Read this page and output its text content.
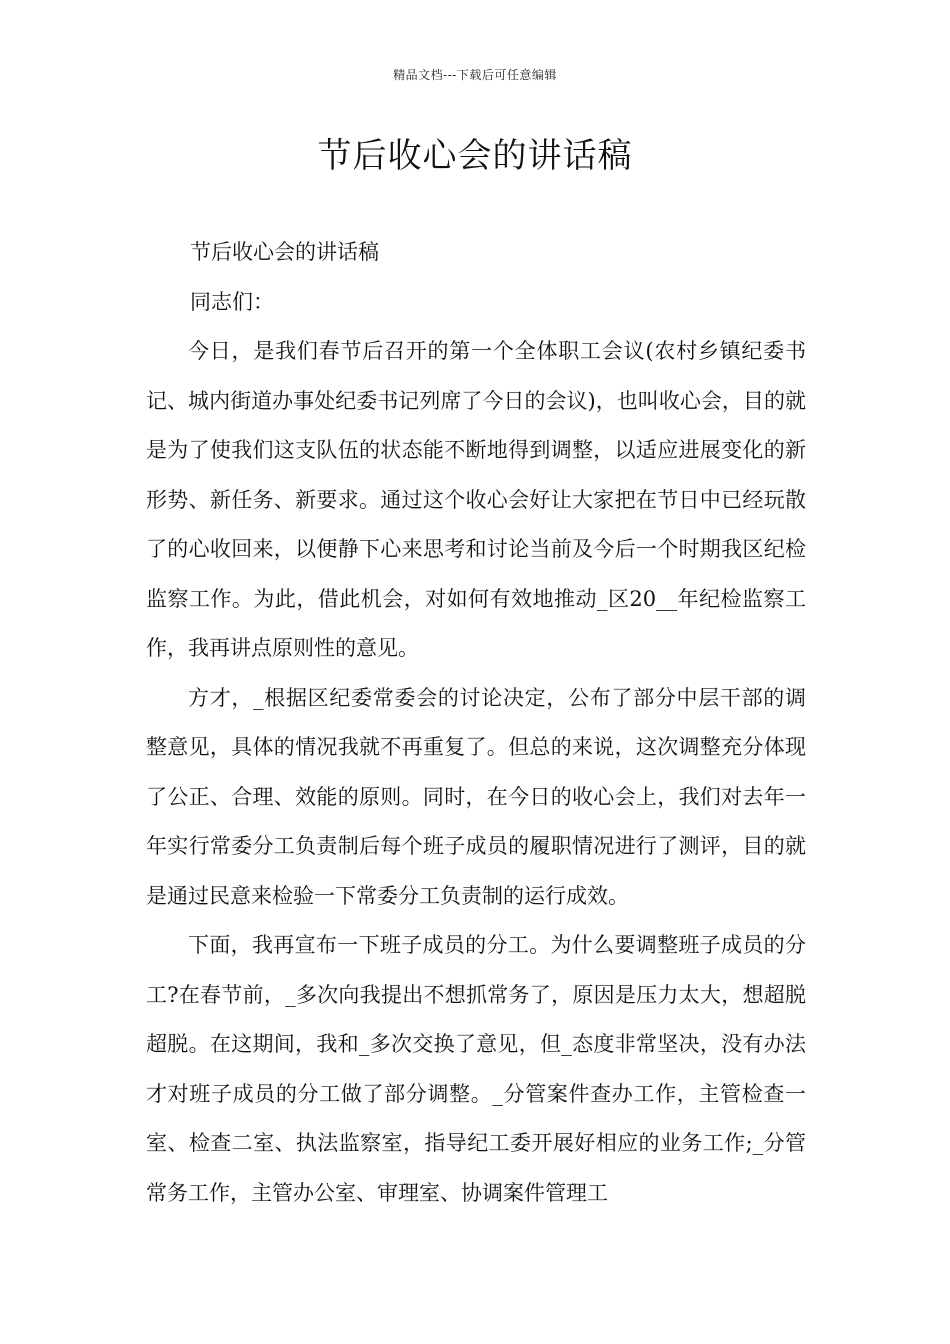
精品文档---下载后可任意编辑
节后收心会的讲话稿

节后收心会的讲话稿

同志们：

今日，是我们春节后召开的第一个全体职工会议(农村乡镇纪委书记、城内街道办事处纪委书记列席了今日的会议)，也叫收心会，目的就是为了使我们这支队伍的状态能不断地得到调整，以适应进展变化的新形势、新任务、新要求。通过这个收心会好让大家把在节日中已经玩散了的心收回来，以便静下心来思考和讨论当前及今后一个时期我区纪检监察工作。为此，借此机会，对如何有效地推动_区20__年纪检监察工作，我再讲点原则性的意见。

方才，_根据区纪委常委会的讨论决定，公布了部分中层干部的调整意见，具体的情况我就不再重复了。但总的来说，这次调整充分体现了公正、合理、效能的原则。同时，在今日的收心会上，我们对去年一年实行常委分工负责制后每个班子成员的履职情况进行了测评，目的就是通过民意来检验一下常委分工负责制的运行成效。

下面，我再宣布一下班子成员的分工。为什么要调整班子成员的分工?在春节前，_多次向我提出不想抓常务了，原因是压力太大，想超脱超脱。在这期间，我和_多次交换了意见，但_态度非常坚决，没有办法才对班子成员的分工做了部分调整。_分管案件查办工作，主管检查一室、检查二室、执法监察室，指导纪工委开展好相应的业务工作;_分管常务工作，主管办公室、审理室、协调案件管理工
